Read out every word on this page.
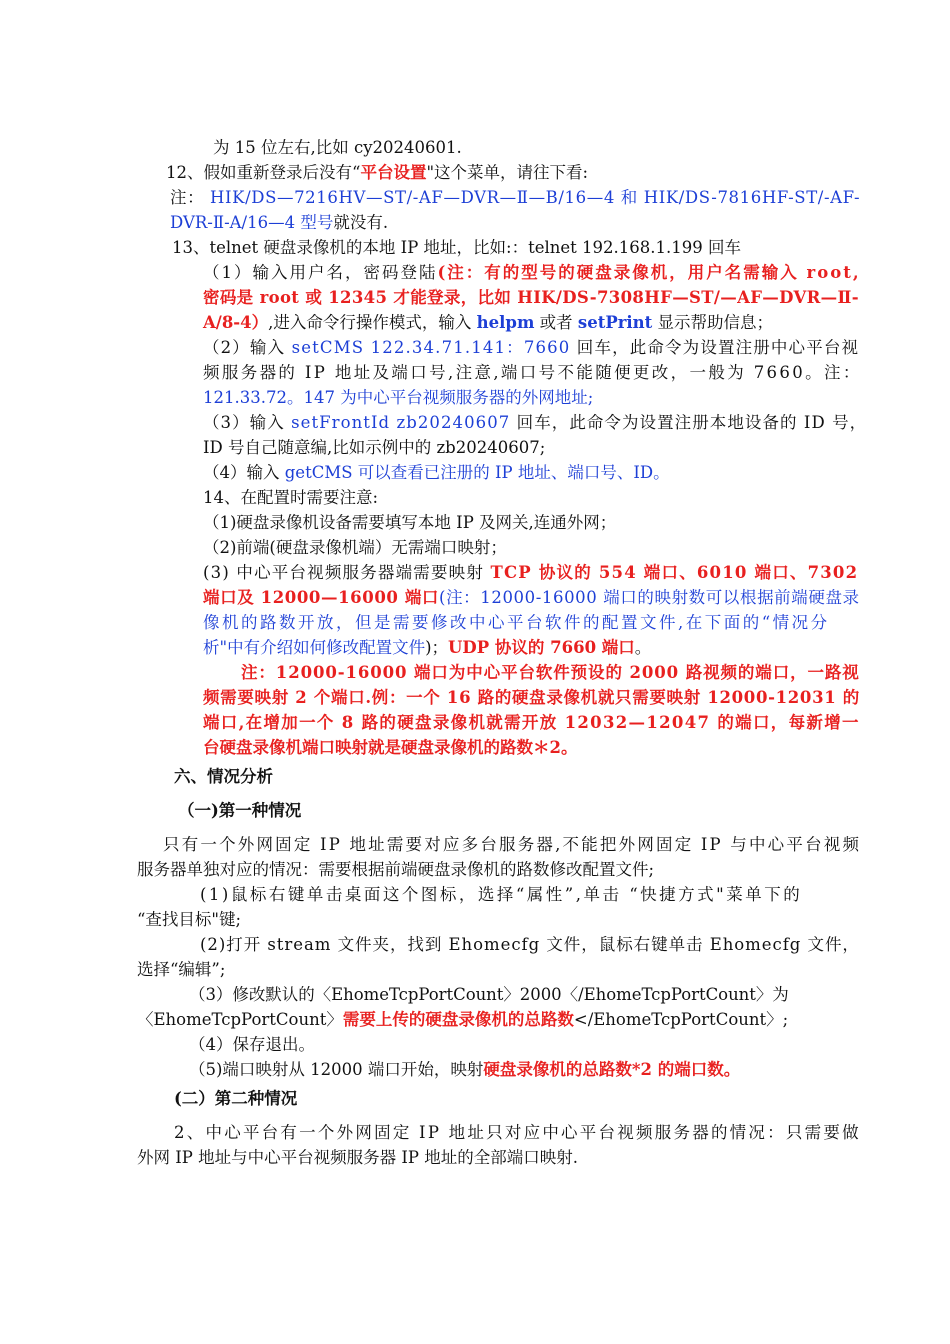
为 15 位左右,比如 cy20240601.
12、假如重新登录后没有“平台设置"这个菜单，请往下看:
注： HIK/DS—7216HV—ST/-AF—DVR—Ⅱ—B/16—4 和 HIK/DS-7816HF-ST/-AF-
DVR-Ⅱ-A/16—4 型号就没有.
13、telnet 硬盘录像机的本地 IP 地址，比如:：telnet 192.168.1.199 回车
（1）输入用户名，密码登陆(注：有的型号的硬盘录像机，用户名需输入 root,
密码是 root 或 12345 才能登录，比如 HIK/DS-7308HF—ST/—AF—DVR—Ⅱ-
A/8-4）,进入命令行操作模式，输入 helpm 或者 setPrint 显示帮助信息；
（2）输入 setCMS 122.34.71.141：7660 回车，此命令为设置注册中心平台视
频服务器的 IP 地址及端口号,注意,端口号不能随便更改，一般为 7660。注：
121.33.72。147 为中心平台视频服务器的外网地址;
（3）输入 setFrontId zb20240607 回车，此命令为设置注册本地设备的 ID 号，
ID 号自己随意编,比如示例中的 zb20240607;
（4）输入 getCMS 可以查看已注册的 IP 地址、端口号、ID。
14、在配置时需要注意:
（1)硬盘录像机设备需要填写本地 IP 及网关,连通外网；
（2)前端(硬盘录像机端）无需端口映射；
(3) 中心平台视频服务器端需要映射 TCP 协议的 554 端口、6010 端口、7302
端口及 12000—16000 端口(注：12000-16000 端口的映射数可以根据前端硬盘录
像机的路数开放，但是需要修改中心平台软件的配置文件,在下面的“情况分
析"中有介绍如何修改配置文件)；UDP 协议的 7660 端口。
注：12000-16000 端口为中心平台软件预设的 2000 路视频的端口，一路视
频需要映射 2 个端口.例：一个 16 路的硬盘录像机就只需要映射 12000-12031 的
端口,在增加一个 8 路的硬盘录像机就需开放 12032—12047 的端口，每新增一
台硬盘录像机端口映射就是硬盘录像机的路数＊2。
六、情况分析
（一)第一种情况
只有一个外网固定 IP 地址需要对应多台服务器,不能把外网固定 IP 与中心平台视频
服务器单独对应的情况：需要根据前端硬盘录像机的路数修改配置文件;
(1)鼠标右键单击桌面这个图标，选择“属性”,单击 “快捷方式"菜单下的
“查找目标"键;
(2)打开 stream 文件夹，找到 Ehomecfg 文件，鼠标右键单击 Ehomecfg 文件，
选择“编辑”;
（3）修改默认的〈EhomeTcpPortCount〉2000〈/EhomeTcpPortCount〉为
〈EhomeTcpPortCount〉需要上传的硬盘录像机的总路数</EhomeTcpPortCount〉;
（4）保存退出。
（5)端口映射从 12000 端口开始，映射硬盘录像机的总路数*2 的端口数。
(二）第二种情况
2、中心平台有一个外网固定 IP 地址只对应中心平台视频服务器的情况：只需要做
外网 IP 地址与中心平台视频服务器 IP 地址的全部端口映射.
